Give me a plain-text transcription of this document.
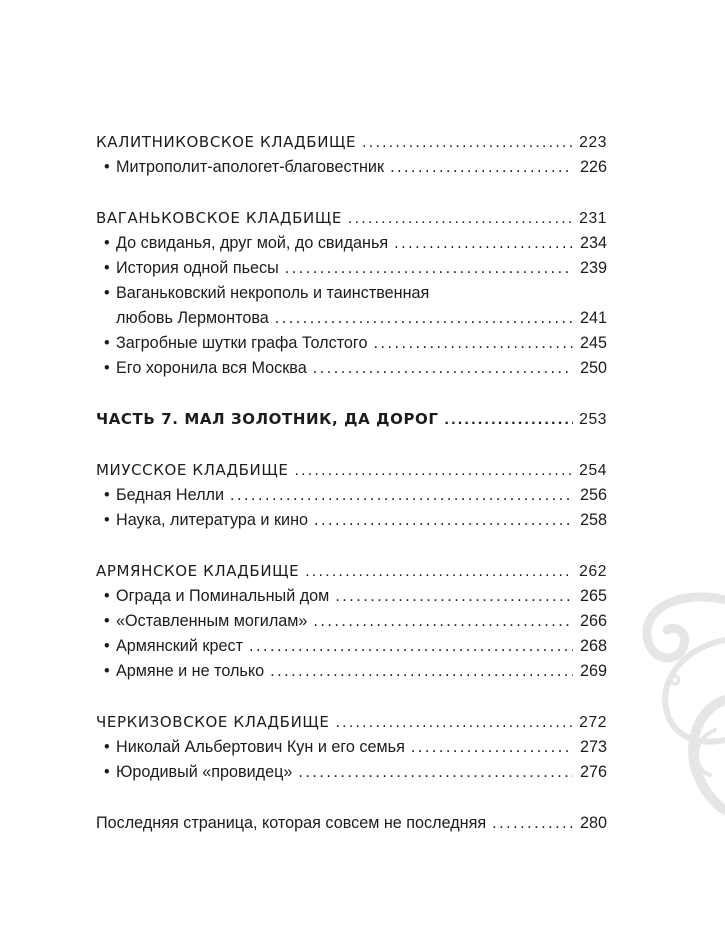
КАЛИТНИКОВСКОЕ КЛАДБИЩЕ . . .	223
•
Митрополит-апологет-благовестник . . .	226
ВАГАНЬКОВСКОЕ КЛАДБИЩЕ . . .	231
•
До свиданья, друг мой, до свиданья . . .	234
•
История одной пьесы . . .	239
•
Ваганьковский некрополь и таинственная
любовь Лермонтова . . .	241
•
Загробные шутки графа Толстого . . .	245
•
Его хоронила вся Москва . . .	250
ЧАСТЬ 7. МАЛ ЗОЛОТНИК, ДА ДОРОГ . . .	253
МИУССКОЕ КЛАДБИЩЕ . . .	254
•
Бедная Нелли . . .	256
•
Наука, литература и кино . . .	258
АРМЯНСКОЕ КЛАДБИЩЕ . . .	262
•
Ограда и Поминальный дом . . .	265
•
«Оставленным могилам» . . .	266
•
Армянский крест . . .	268
•
Армяне и не только . . .	269
ЧЕРКИЗОВСКОЕ КЛАДБИЩЕ . . .	272
•
Николай Альбертович Кун и его семья . . .	273
•
Юродивый «провидец» . . .	276
Последняя страница, которая совсем не последняя . . .	280
